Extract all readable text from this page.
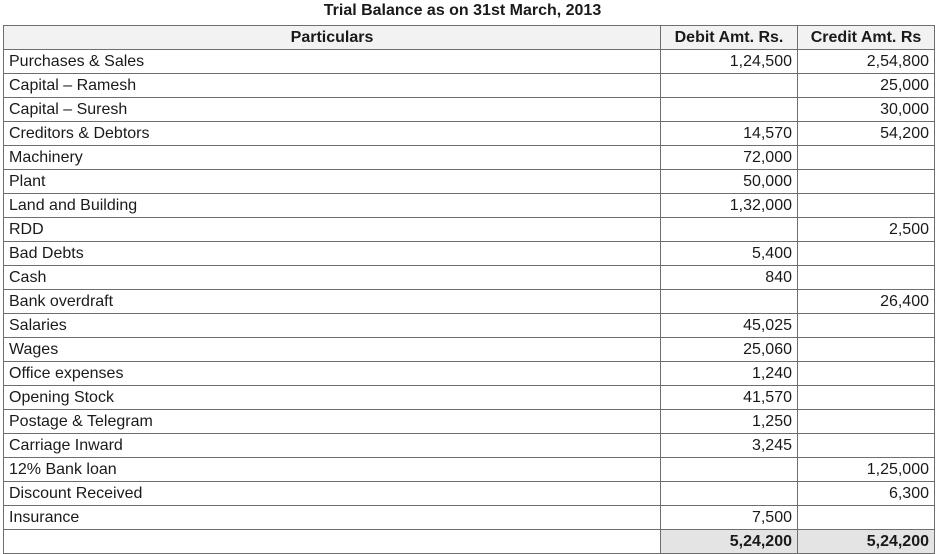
Trial Balance as on 31st March, 2013
Particulars	Debit Amt. Rs.	Credit Amt. Rs
Purchases & Sales	1,24,500	2,54,800
Capital – Ramesh		25,000
Capital – Suresh		30,000
Creditors & Debtors	14,570	54,200
Machinery	72,000	
Plant	50,000	
Land and Building	1,32,000	
RDD		2,500
Bad Debts	5,400	
Cash	840	
Bank overdraft		26,400
Salaries	45,025	
Wages	25,060	
Office expenses	1,240	
Opening Stock	41,570	
Postage & Telegram	1,250	
Carriage Inward	3,245	
12% Bank loan		1,25,000
Discount Received		6,300
Insurance	7,500	
	5,24,200	5,24,200
